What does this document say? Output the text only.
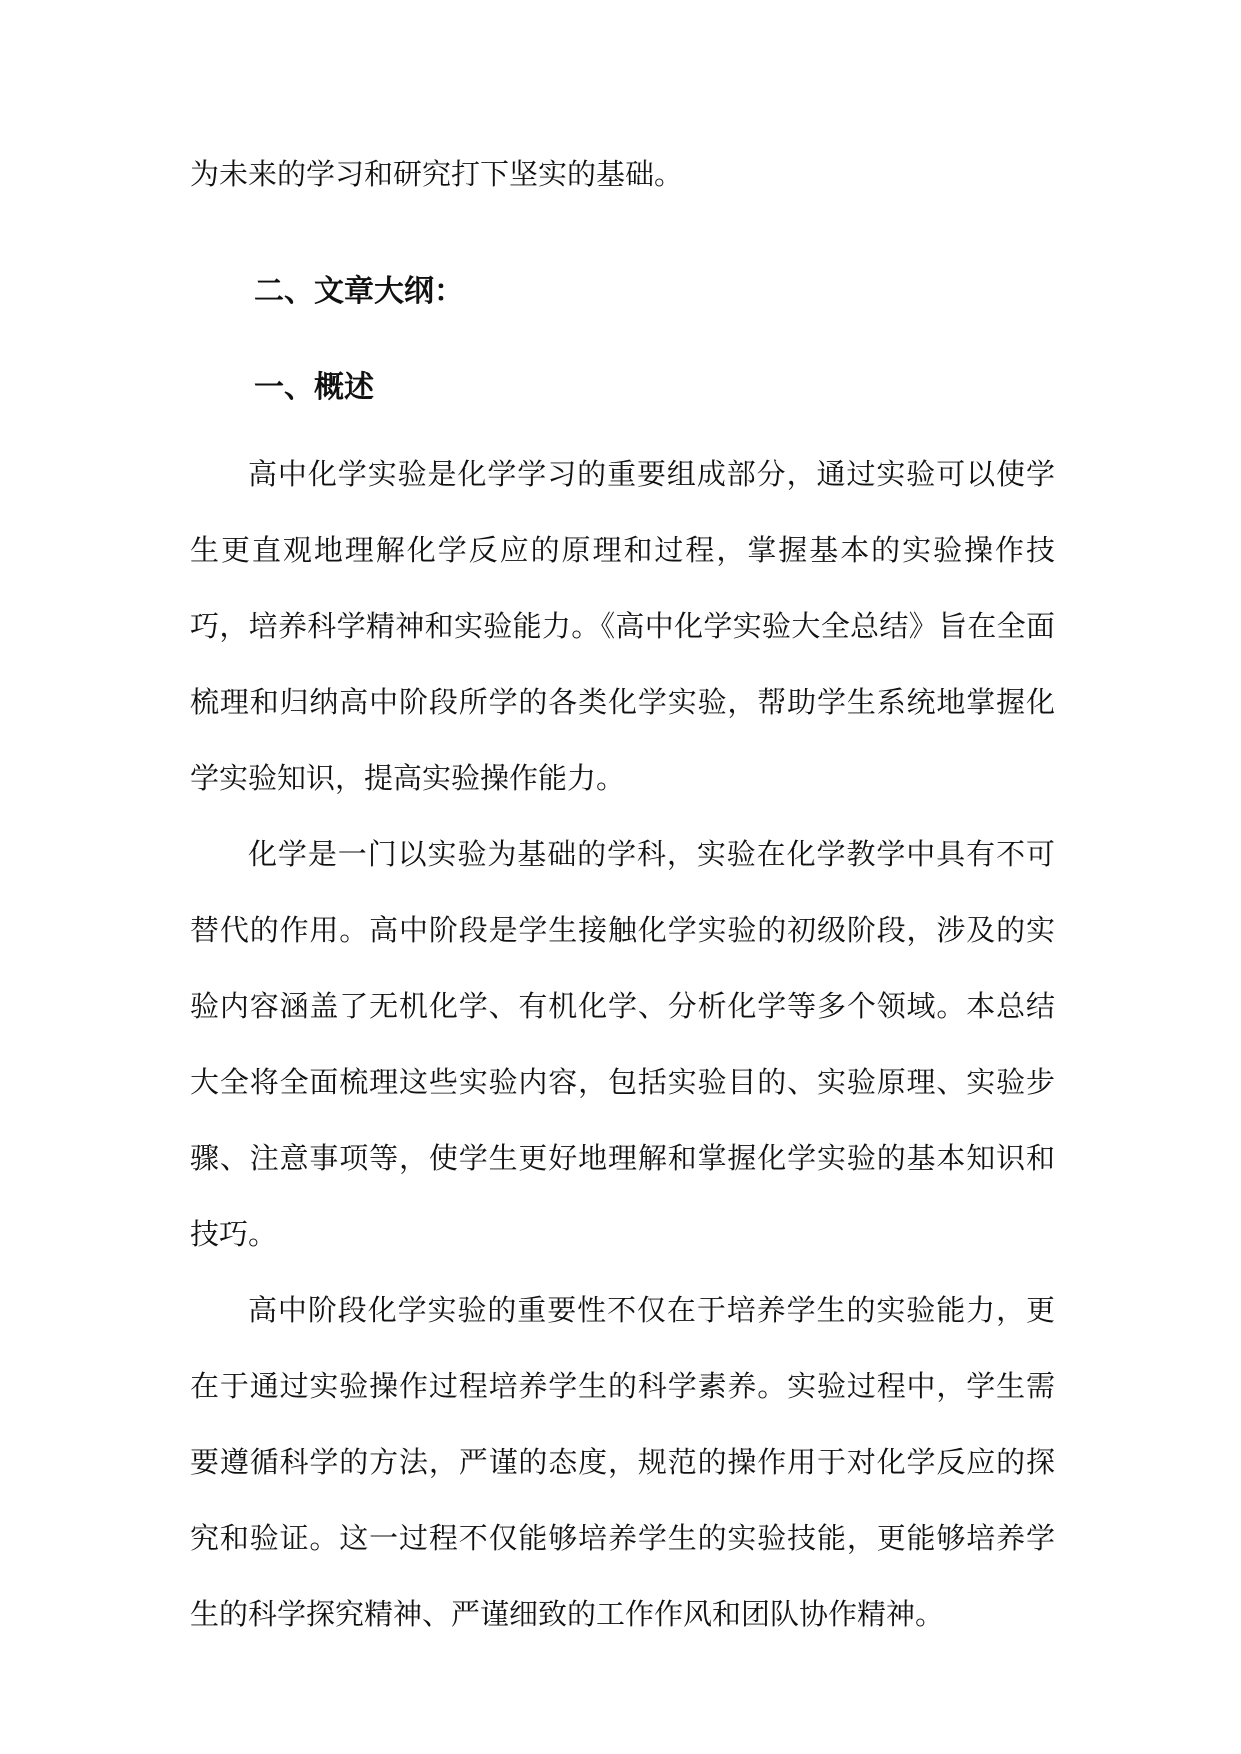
为未来的学习和研究打下坚实的基础。

二、文章大纲：
一、概述

高中化学实验是化学学习的重要组成部分，通过实验可以使学生更直观地理解化学反应的原理和过程，掌握基本的实验操作技巧，培养科学精神和实验能力。《高中化学实验大全总结》旨在全面梳理和归纳高中阶段所学的各类化学实验，帮助学生系统地掌握化学实验知识，提高实验操作能力。

化学是一门以实验为基础的学科，实验在化学教学中具有不可替代的作用。高中阶段是学生接触化学实验的初级阶段，涉及的实验内容涵盖了无机化学、有机化学、分析化学等多个领域。本总结大全将全面梳理这些实验内容，包括实验目的、实验原理、实验步骤、注意事项等，使学生更好地理解和掌握化学实验的基本知识和技巧。

高中阶段化学实验的重要性不仅在于培养学生的实验能力，更在于通过实验操作过程培养学生的科学素养。实验过程中，学生需要遵循科学的方法，严谨的态度，规范的操作用于对化学反应的探究和验证。这一过程不仅能够培养学生的实验技能，更能够培养学生的科学探究精神、严谨细致的工作作风和团队协作精神。
